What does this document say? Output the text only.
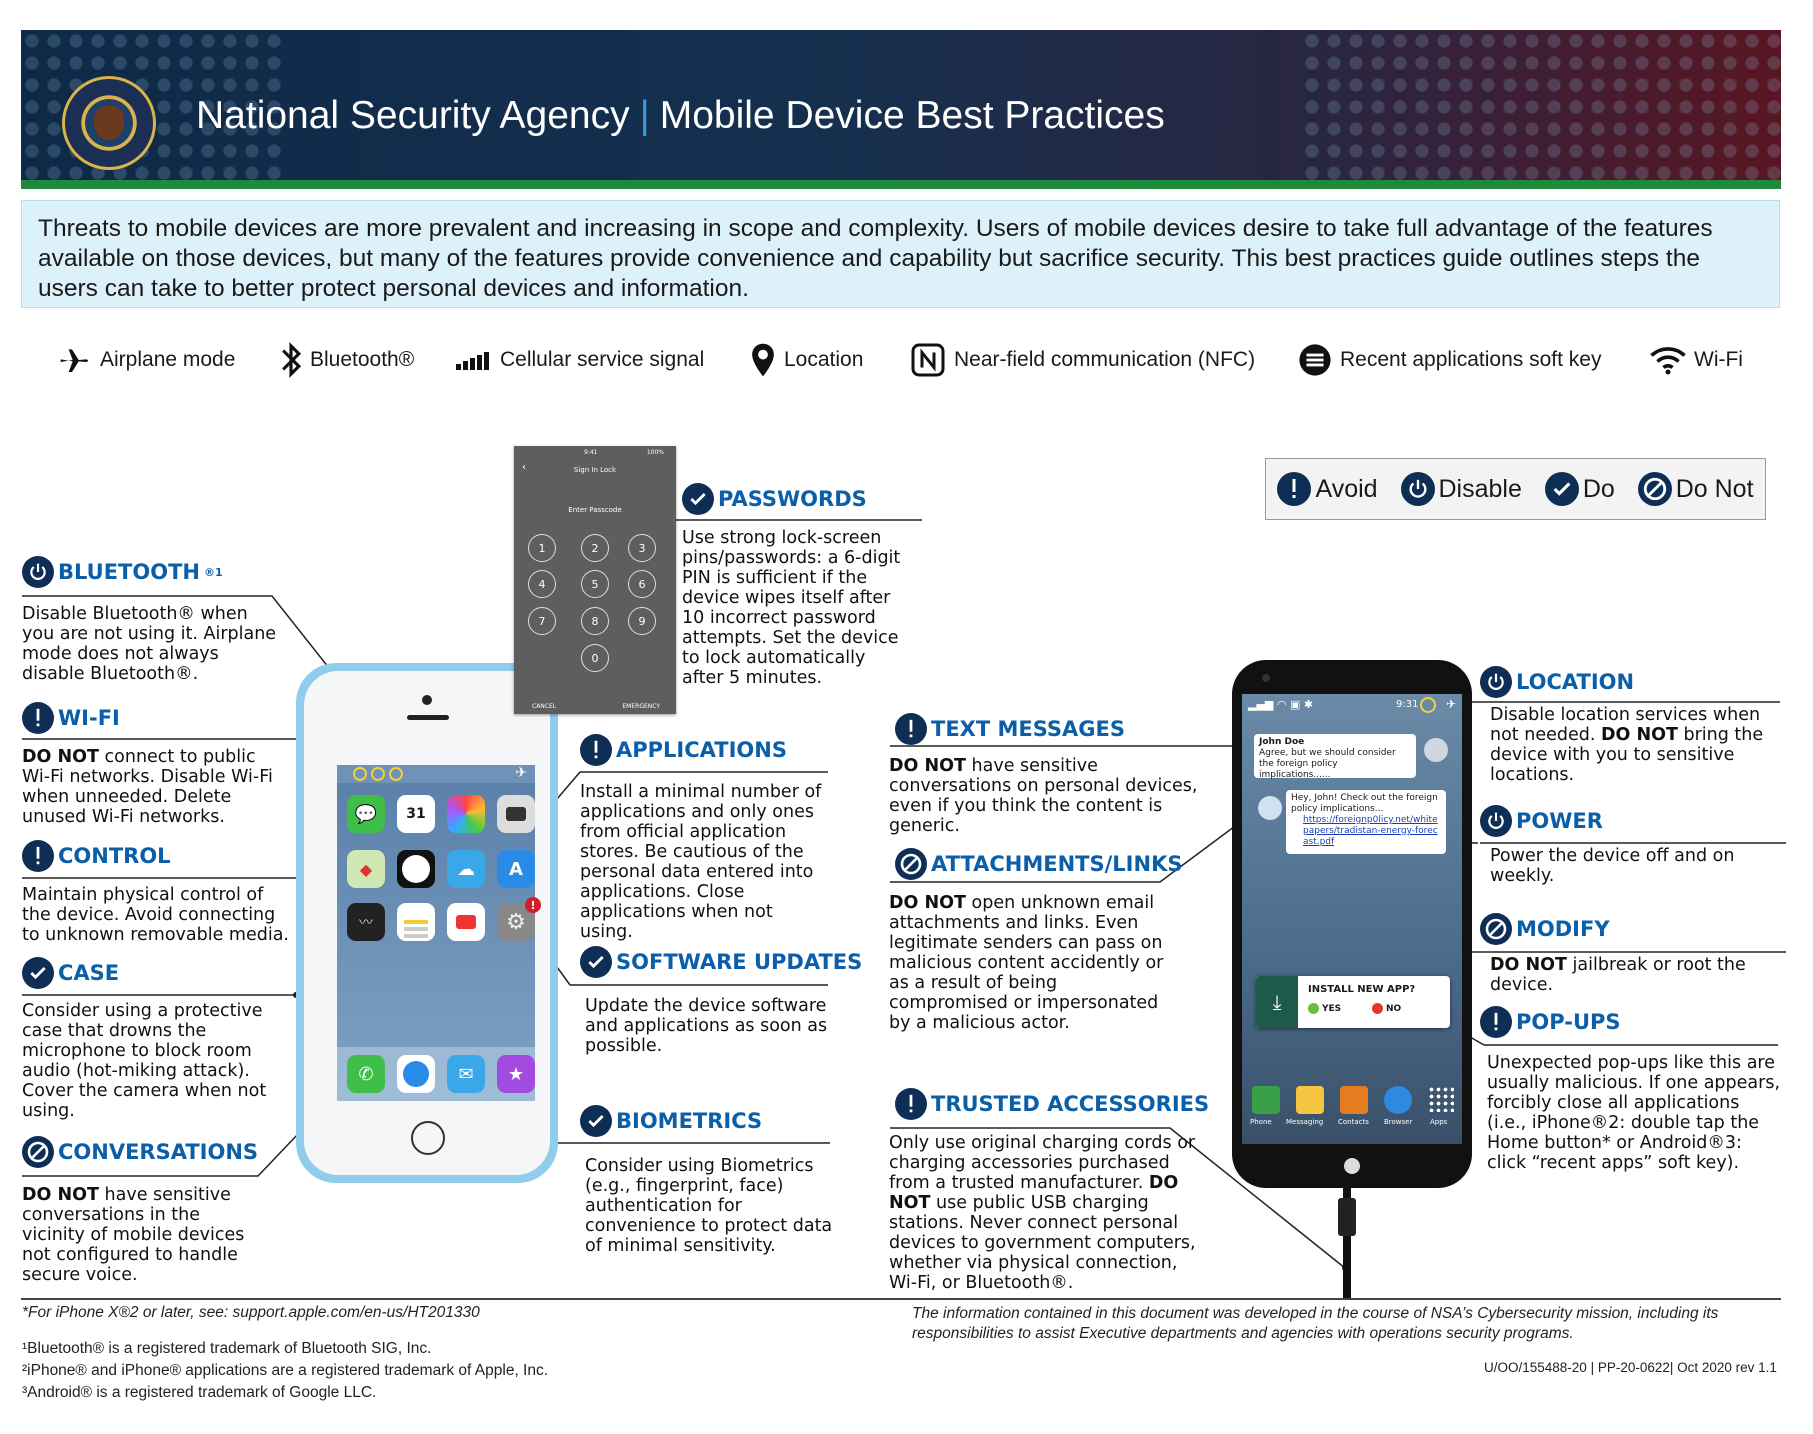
National Security Agency | Mobile Device Best Practices
Threats to mobile devices are more prevalent and increasing in scope and complexity. Users of mobile devices desire to take full advantage of the features available on those devices, but many of the features provide convenience and capability but sacrifice security. This best practices guide outlines steps the users can take to better protect personal devices and information.
Airplane mode	Bluetooth®	Cellular service signal	Location	Near-field communication (NFC)	Recent applications soft key	Wi-Fi
Avoid Disable Do Do Not
BLUETOOTH ®1
Disable Bluetooth® when you are not using it. Airplane mode does not always disable Bluetooth®.
WI-FI
DO NOT connect to public Wi-Fi networks. Disable Wi-Fi when unneeded. Delete unused Wi-Fi networks.
CONTROL
Maintain physical control of the device. Avoid connecting to unknown removable media.
CASE
Consider using a protective case that drowns the microphone to block room audio (hot-miking attack). Cover the camera when not using.
CONVERSATIONS
DO NOT have sensitive conversations in the vicinity of mobile devices not configured to handle secure voice.
✈
💬	31
◆	☁ A
〰	⚙
!
✆	✉ ★
9:41	100%
‹	Sign In Lock
Enter Passcode
1	2	3
4	5	6
7	8	9
0
CANCEL	EMERGENCY
PASSWORDS
Use strong lock-screen pins/passwords: a 6-digit PIN is sufficient if the device wipes itself after 10 incorrect password attempts. Set the device to lock automatically after 5 minutes.
APPLICATIONS
Install a minimal number of applications and only ones from official application stores. Be cautious of the personal data entered into applications. Close applications when not using.
SOFTWARE UPDATES
Update the device software and applications as soon as possible.
BIOMETRICS
Consider using Biometrics (e.g., fingerprint, face) authentication for convenience to protect data of minimal sensitivity.
TEXT MESSAGES
DO NOT have sensitive conversations on personal devices, even if you think the content is generic.
ATTACHMENTS/LINKS
DO NOT open unknown email attachments and links. Even legitimate senders can pass on malicious content accidently or as a result of being compromised or impersonated by a malicious actor.
TRUSTED ACCESSORIES
Only use original charging cords or charging accessories purchased from a trusted manufacturer. DO NOT use public USB charging stations. Never connect personal devices to government computers, whether via physical connection, Wi-Fi, or Bluetooth®.
▂▄▆ ◠ ▣ ✱	9:31 ✈
John Doe
Agree, but we should consider the foreign policy implications......
Hey, John! Check out the foreign policy implications...
https://foreignp0licy.net/whitepapers/tradistan-energy-forecast.pdf
⤓
INSTALL NEW APP?
YES	NO
Phone Messaging Contacts Browser	Apps
LOCATION
Disable location services when not needed. DO NOT bring the device with you to sensitive locations.
POWER
Power the device off and on weekly.
MODIFY
DO NOT jailbreak or root the device.
POP-UPS
Unexpected pop-ups like this are usually malicious. If one appears, forcibly close all applications (i.e., iPhone®2: double tap the Home button* or Android®3: click “recent apps” soft key).
*For iPhone X®2 or later, see: support.apple.com/en-us/HT201330
¹Bluetooth® is a registered trademark of Bluetooth SIG, Inc.
²iPhone® and iPhone® applications are a registered trademark of Apple, Inc.
³Android® is a registered trademark of Google LLC.
The information contained in this document was developed in the course of NSA’s Cybersecurity mission, including its responsibilities to assist Executive departments and agencies with operations security programs.
U/OO/155488-20 | PP-20-0622| Oct 2020 rev 1.1
